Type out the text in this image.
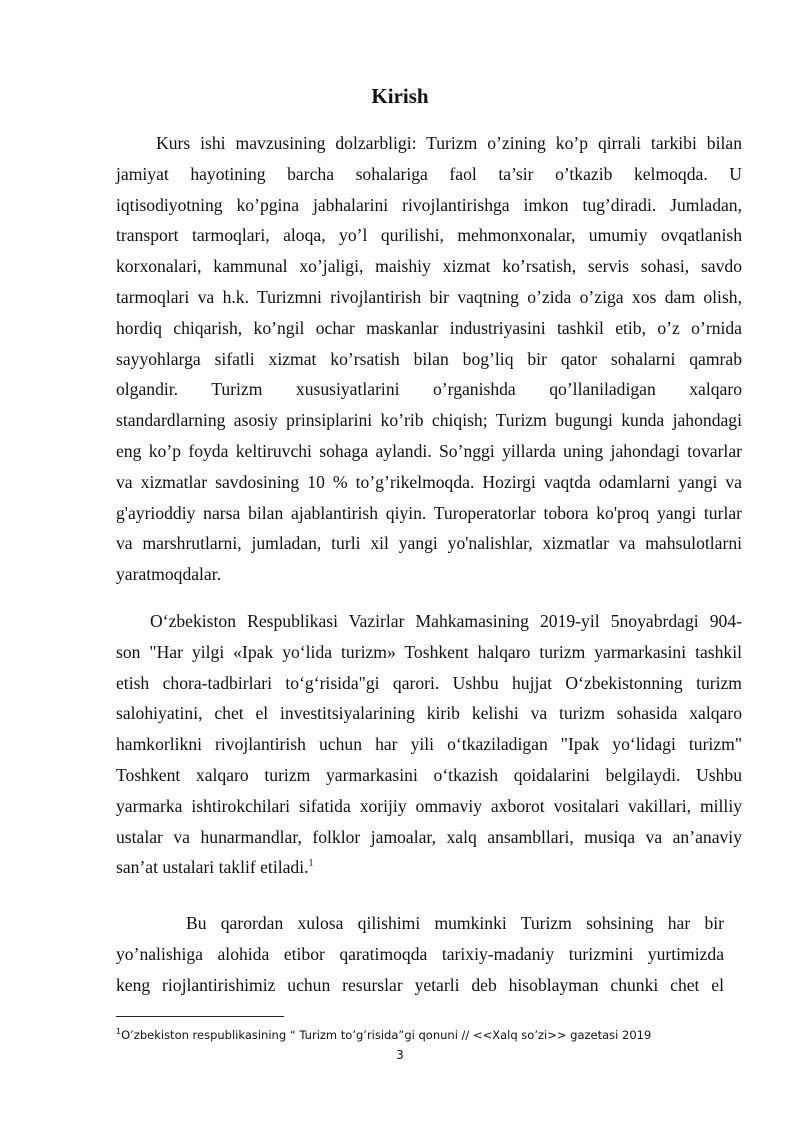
Kirish
Kurs ishi mavzusining dolzarbligi: Turizm o’zining ko’p qirrali tarkibi bilan
jamiyat hayotining barcha sohalariga faol ta’sir o’tkazib kelmoqda. U
iqtisodiyotning ko’pgina jabhalarini rivojlantirishga imkon tug’diradi. Jumladan,
transport tarmoqlari, aloqa, yo’l qurilishi, mehmonxonalar, umumiy ovqatlanish
korxonalari, kammunal xo’jaligi, maishiy xizmat ko’rsatish, servis sohasi, savdo
tarmoqlari va h.k. Turizmni rivojlantirish bir vaqtning o’zida o’ziga xos dam olish,
hordiq chiqarish, ko’ngil ochar maskanlar industriyasini tashkil etib, o’z o’rnida
sayyohlarga sifatli xizmat ko’rsatish bilan bog’liq bir qator sohalarni qamrab
olgandir. Turizm xususiyatlarini o’rganishda qo’llaniladigan xalqaro
standardlarning asosiy prinsiplarini ko’rib chiqish; Turizm bugungi kunda jahondagi
eng ko’p foyda keltiruvchi sohaga aylandi. So’nggi yillarda uning jahondagi tovarlar
va xizmatlar savdosining 10 % to’g’rikelmoqda. Hozirgi vaqtda odamlarni yangi va
g'ayrioddiy narsa bilan ajablantirish qiyin. Turoperatorlar tobora ko'proq yangi turlar
va marshrutlarni, jumladan, turli xil yangi yo'nalishlar, xizmatlar va mahsulotlarni
yaratmoqdalar.
O‘zbekiston Respublikasi Vazirlar Mahkamasining 2019-yil 5noyabrdagi 904-
son "Har yilgi «Ipak yo‘lida turizm» Toshkent halqaro turizm yarmarkasini tashkil
etish chora-tadbirlari to‘g‘risida"gi qarori. Ushbu hujjat O‘zbekistonning turizm
salohiyatini, chet el investitsiyalarining kirib kelishi va turizm sohasida xalqaro
hamkorlikni rivojlantirish uchun har yili o‘tkaziladigan "Ipak yo‘lidagi turizm"
Toshkent xalqaro turizm yarmarkasini o‘tkazish qoidalarini belgilaydi. Ushbu
yarmarka ishtirokchilari sifatida xorijiy ommaviy axborot vositalari vakillari, milliy
ustalar va hunarmandlar, folklor jamoalar, xalq ansambllari, musiqa va an’anaviy
san’at ustalari taklif etiladi.$^1$
Bu qarordan xulosa qilishimi mumkinki Turizm sohsining har bir
yo’nalishiga alohida etibor qaratimoqda tarixiy-madaniy turizmini yurtimizda
keng riojlantirishimiz uchun resurslar yetarli deb hisoblayman chunki chet el
$^1$O’zbekiston respublikasining “ Turizm to’g’risida”gi qonuni // <<Xalq so’zi>> gazetasi 2019
3
